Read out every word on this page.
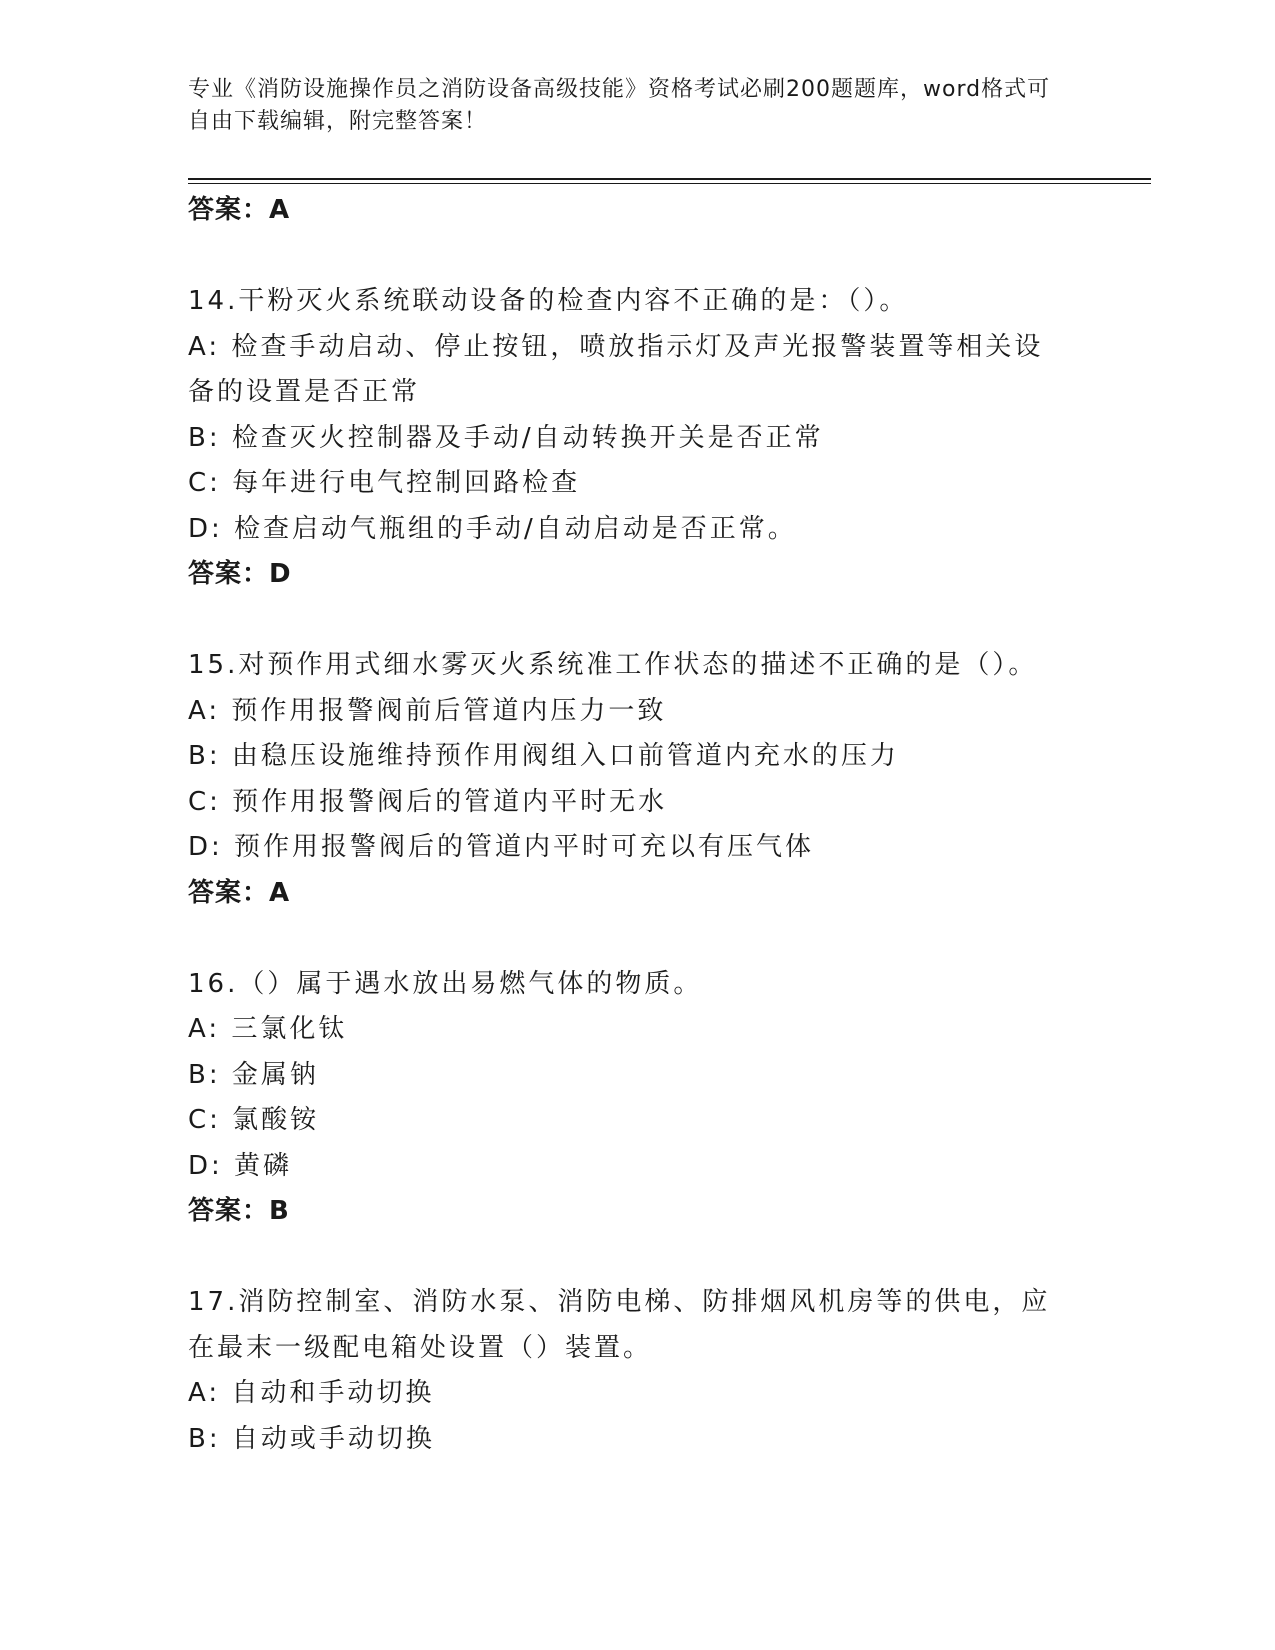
专业《消防设施操作员之消防设备高级技能》资格考试必刷200题题库，word格式可自由下载编辑，附完整答案！
答案：A
14.干粉灭火系统联动设备的检查内容不正确的是：（）。
A: 检查手动启动、停止按钮，喷放指示灯及声光报警装置等相关设备的设置是否正常
B: 检查灭火控制器及手动/自动转换开关是否正常
C: 每年进行电气控制回路检查
D: 检查启动气瓶组的手动/自动启动是否正常。
答案：D
15.对预作用式细水雾灭火系统准工作状态的描述不正确的是（）。
A: 预作用报警阀前后管道内压力一致
B: 由稳压设施维持预作用阀组入口前管道内充水的压力
C: 预作用报警阀后的管道内平时无水
D: 预作用报警阀后的管道内平时可充以有压气体
答案：A
16.（）属于遇水放出易燃气体的物质。
A: 三氯化钛
B: 金属钠
C: 氯酸铵
D: 黄磷
答案：B
17.消防控制室、消防水泵、消防电梯、防排烟风机房等的供电，应在最末一级配电箱处设置（）装置。
A: 自动和手动切换
B: 自动或手动切换
